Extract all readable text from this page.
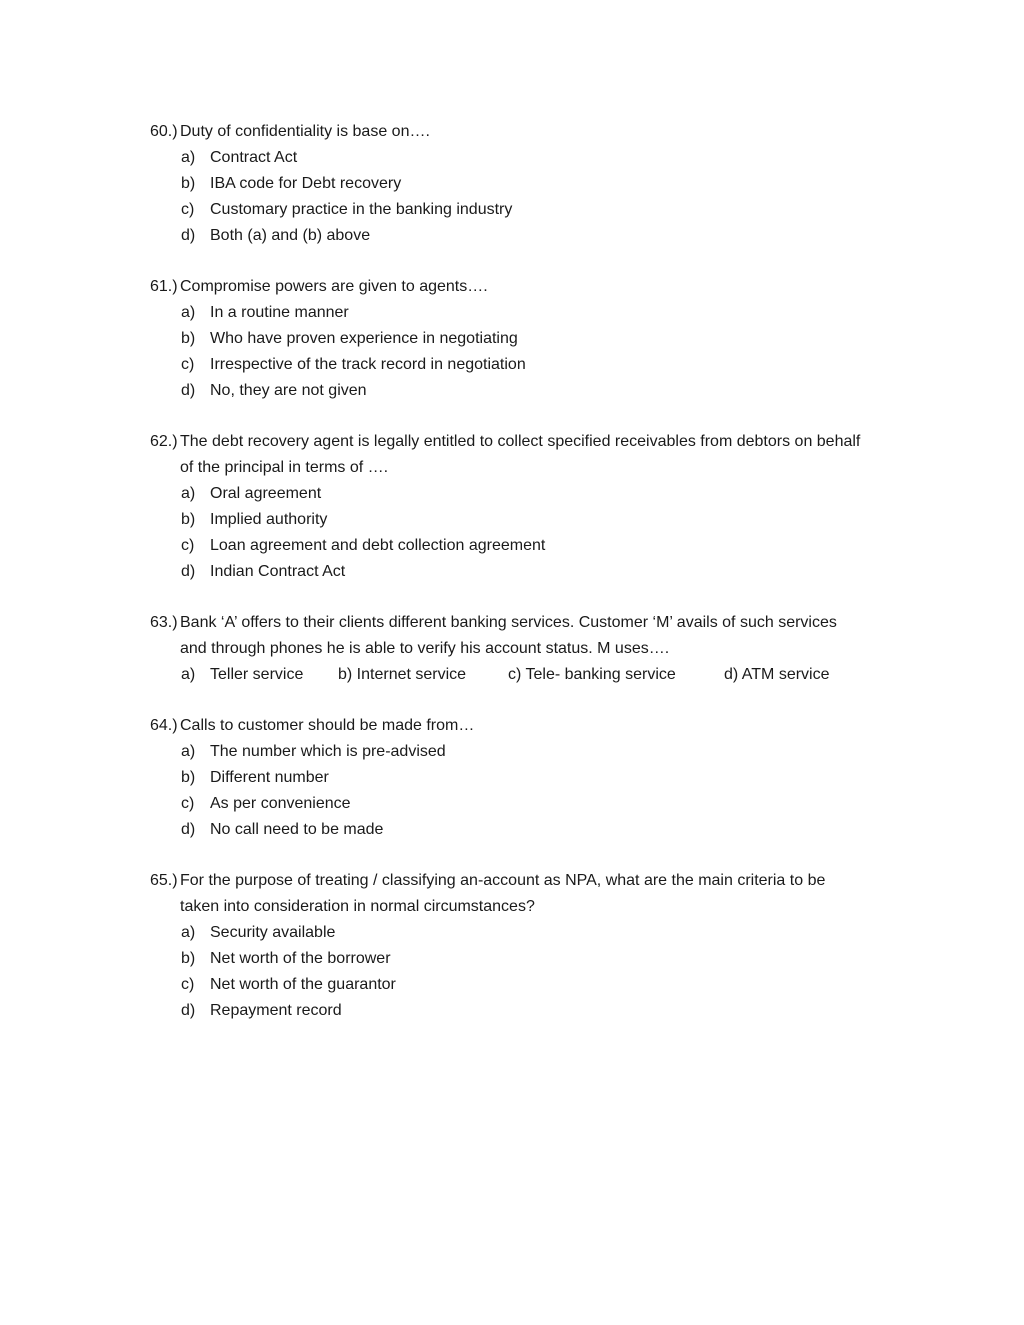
60.) Duty of confidentiality is base on….
a) Contract Act
b) IBA code for Debt recovery
c) Customary practice in the banking industry
d) Both (a) and (b) above
61.) Compromise powers are given to agents….
a) In a routine manner
b) Who have proven experience in negotiating
c) Irrespective of the track record in negotiation
d) No, they are not given
62.) The debt recovery agent is legally entitled to collect specified receivables from debtors on behalf
of the principal in terms of ….
a) Oral agreement
b) Implied authority
c) Loan agreement and debt collection agreement
d) Indian Contract Act
63.) Bank ‘A’ offers to their clients different banking services. Customer ‘M’ avails of such services
and through phones he is able to verify his account status. M uses….
a) Teller service b) Internet service	c) Tele- banking service	d) ATM service
64.) Calls to customer should be made from…
a) The number which is pre-advised
b) Different number
c) As per convenience
d) No call need to be made
65.) For the purpose of treating / classifying an-account as NPA, what are the main criteria to be
taken into consideration in normal circumstances?
a) Security available
b) Net worth of the borrower
c) Net worth of the guarantor
d) Repayment record
